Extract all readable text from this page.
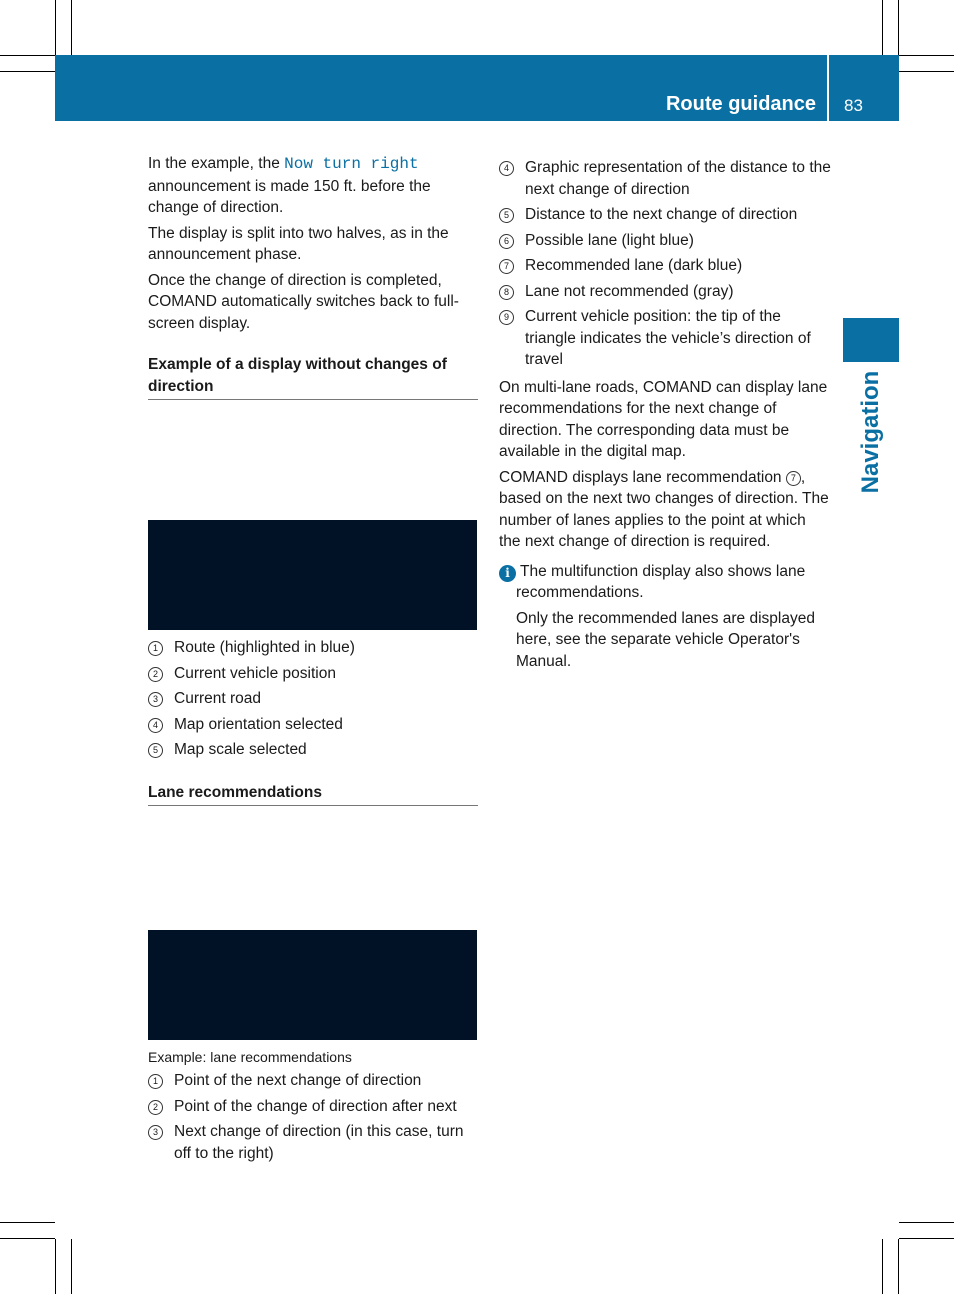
Route guidance 83
Navigation

In the example, the Now turn right announcement is made 150 ft. before the change of direction.

The display is split into two halves, as in the announcement phase.

Once the change of direction is completed, COMAND automatically switches back to full-screen display.

Example of a display without changes of direction
1 Route (highlighted in blue)
2 Current vehicle position
3 Current road
4 Map orientation selected
5 Map scale selected
Lane recommendations
Example: lane recommendations
1 Point of the next change of direction
2 Point of the change of direction after next
3 Next change of direction (in this case, turn off to the right)
4 Graphic representation of the distance to the next change of direction
5 Distance to the next change of direction
6 Possible lane (light blue)
7 Recommended lane (dark blue)
8 Lane not recommended (gray)
9 Current vehicle position: the tip of the triangle indicates the vehicle’s direction of travel

On multi-lane roads, COMAND can display lane recommendations for the next change of direction. The corresponding data must be available in the digital map.

COMAND displays lane recommendation 7 , based on the next two changes of direction. The number of lanes applies to the point at which the next change of direction is required.

i The multifunction display also shows lane recommendations.
Only the recommended lanes are displayed here, see the separate vehicle Operator's Manual.
